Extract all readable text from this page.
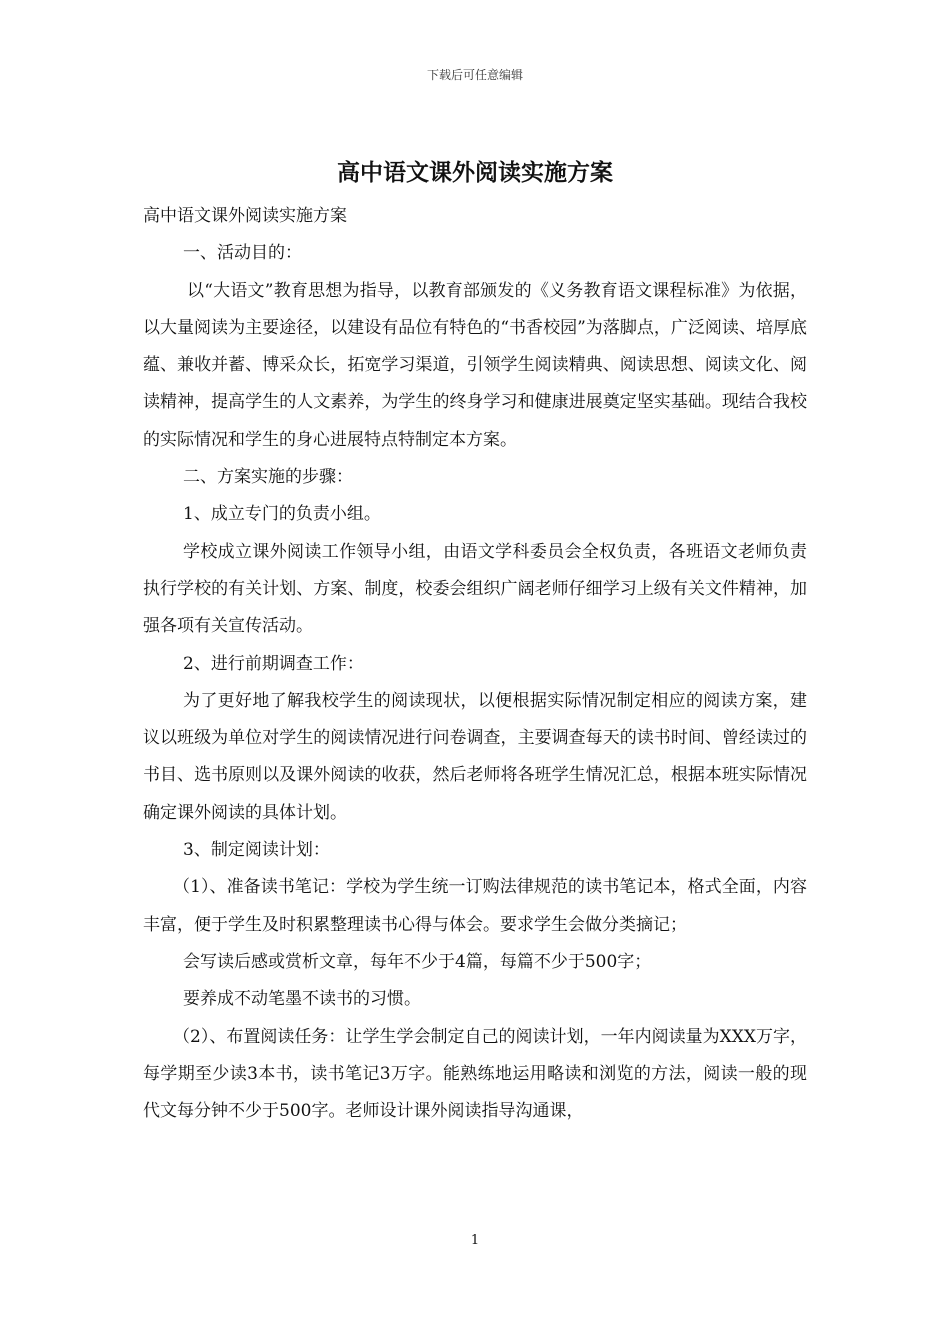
下载后可任意编辑
高中语文课外阅读实施方案

高中语文课外阅读实施方案

一、活动目的：

以“大语文”教育思想为指导，以教育部颁发的《义务教育语文课程标准》为依据，以大量阅读为主要途径，以建设有品位有特色的“书香校园”为落脚点，广泛阅读、培厚底蕴、兼收并蓄、博采众长，拓宽学习渠道，引领学生阅读精典、阅读思想、阅读文化、阅读精神，提高学生的人文素养，为学生的终身学习和健康进展奠定坚实基础。现结合我校的实际情况和学生的身心进展特点特制定本方案。

二、方案实施的步骤：

1、成立专门的负责小组。

学校成立课外阅读工作领导小组，由语文学科委员会全权负责，各班语文老师负责执行学校的有关计划、方案、制度，校委会组织广阔老师仔细学习上级有关文件精神，加强各项有关宣传活动。

2、进行前期调查工作：

为了更好地了解我校学生的阅读现状，以便根据实际情况制定相应的阅读方案，建议以班级为单位对学生的阅读情况进行问卷调查，主要调查每天的读书时间、曾经读过的书目、选书原则以及课外阅读的收获，然后老师将各班学生情况汇总，根据本班实际情况确定课外阅读的具体计划。

3、制定阅读计划：

（1）、准备读书笔记：学校为学生统一订购法律规范的读书笔记本，格式全面，内容丰富，便于学生及时积累整理读书心得与体会。要求学生会做分类摘记；

会写读后感或赏析文章，每年不少于4篇，每篇不少于500字；

要养成不动笔墨不读书的习惯。

（2）、布置阅读任务：让学生学会制定自己的阅读计划，一年内阅读量为XXX万字，每学期至少读3本书，读书笔记3万字。能熟练地运用略读和浏览的方法，阅读一般的现代文每分钟不少于500字。老师设计课外阅读指导沟通课，

1
